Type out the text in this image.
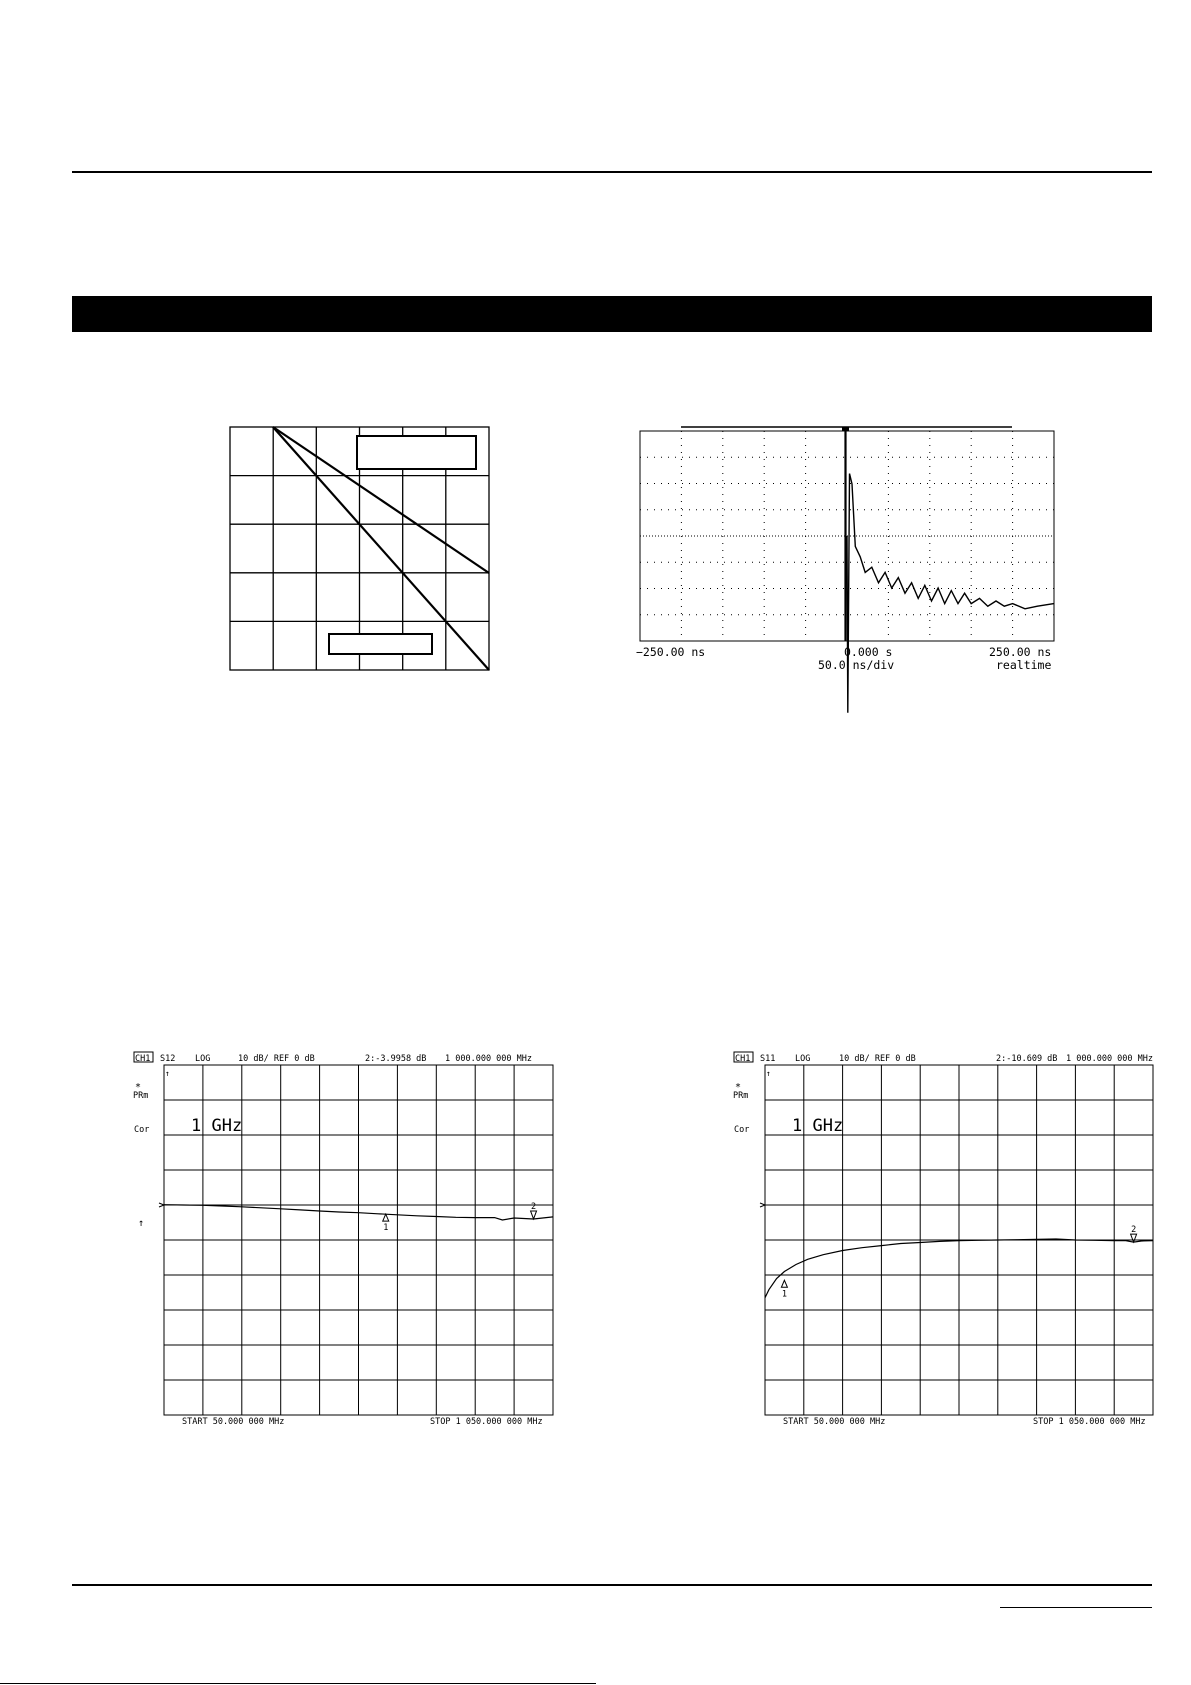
−250.00 ns	0.000 s	250.00 ns
50.0 ns/div	realtime
CH1 S12 LOG	10 dB/ REF 0 dB	2:-3.9958 dB 1 000.000 000 MHz
*
PRm
Cor 1 GHz
1
2
↑
↑
START 50.000 000 MHz	STOP 1 050.000 000 MHz
CH1 S11 LOG	10 dB/ REF 0 dB	2:-10.609 dB 1 000.000 000 MHz
*
PRm
Cor	1 GHz
1
2
↑
START 50.000 000 MHz	STOP 1 050.000 000 MHz
